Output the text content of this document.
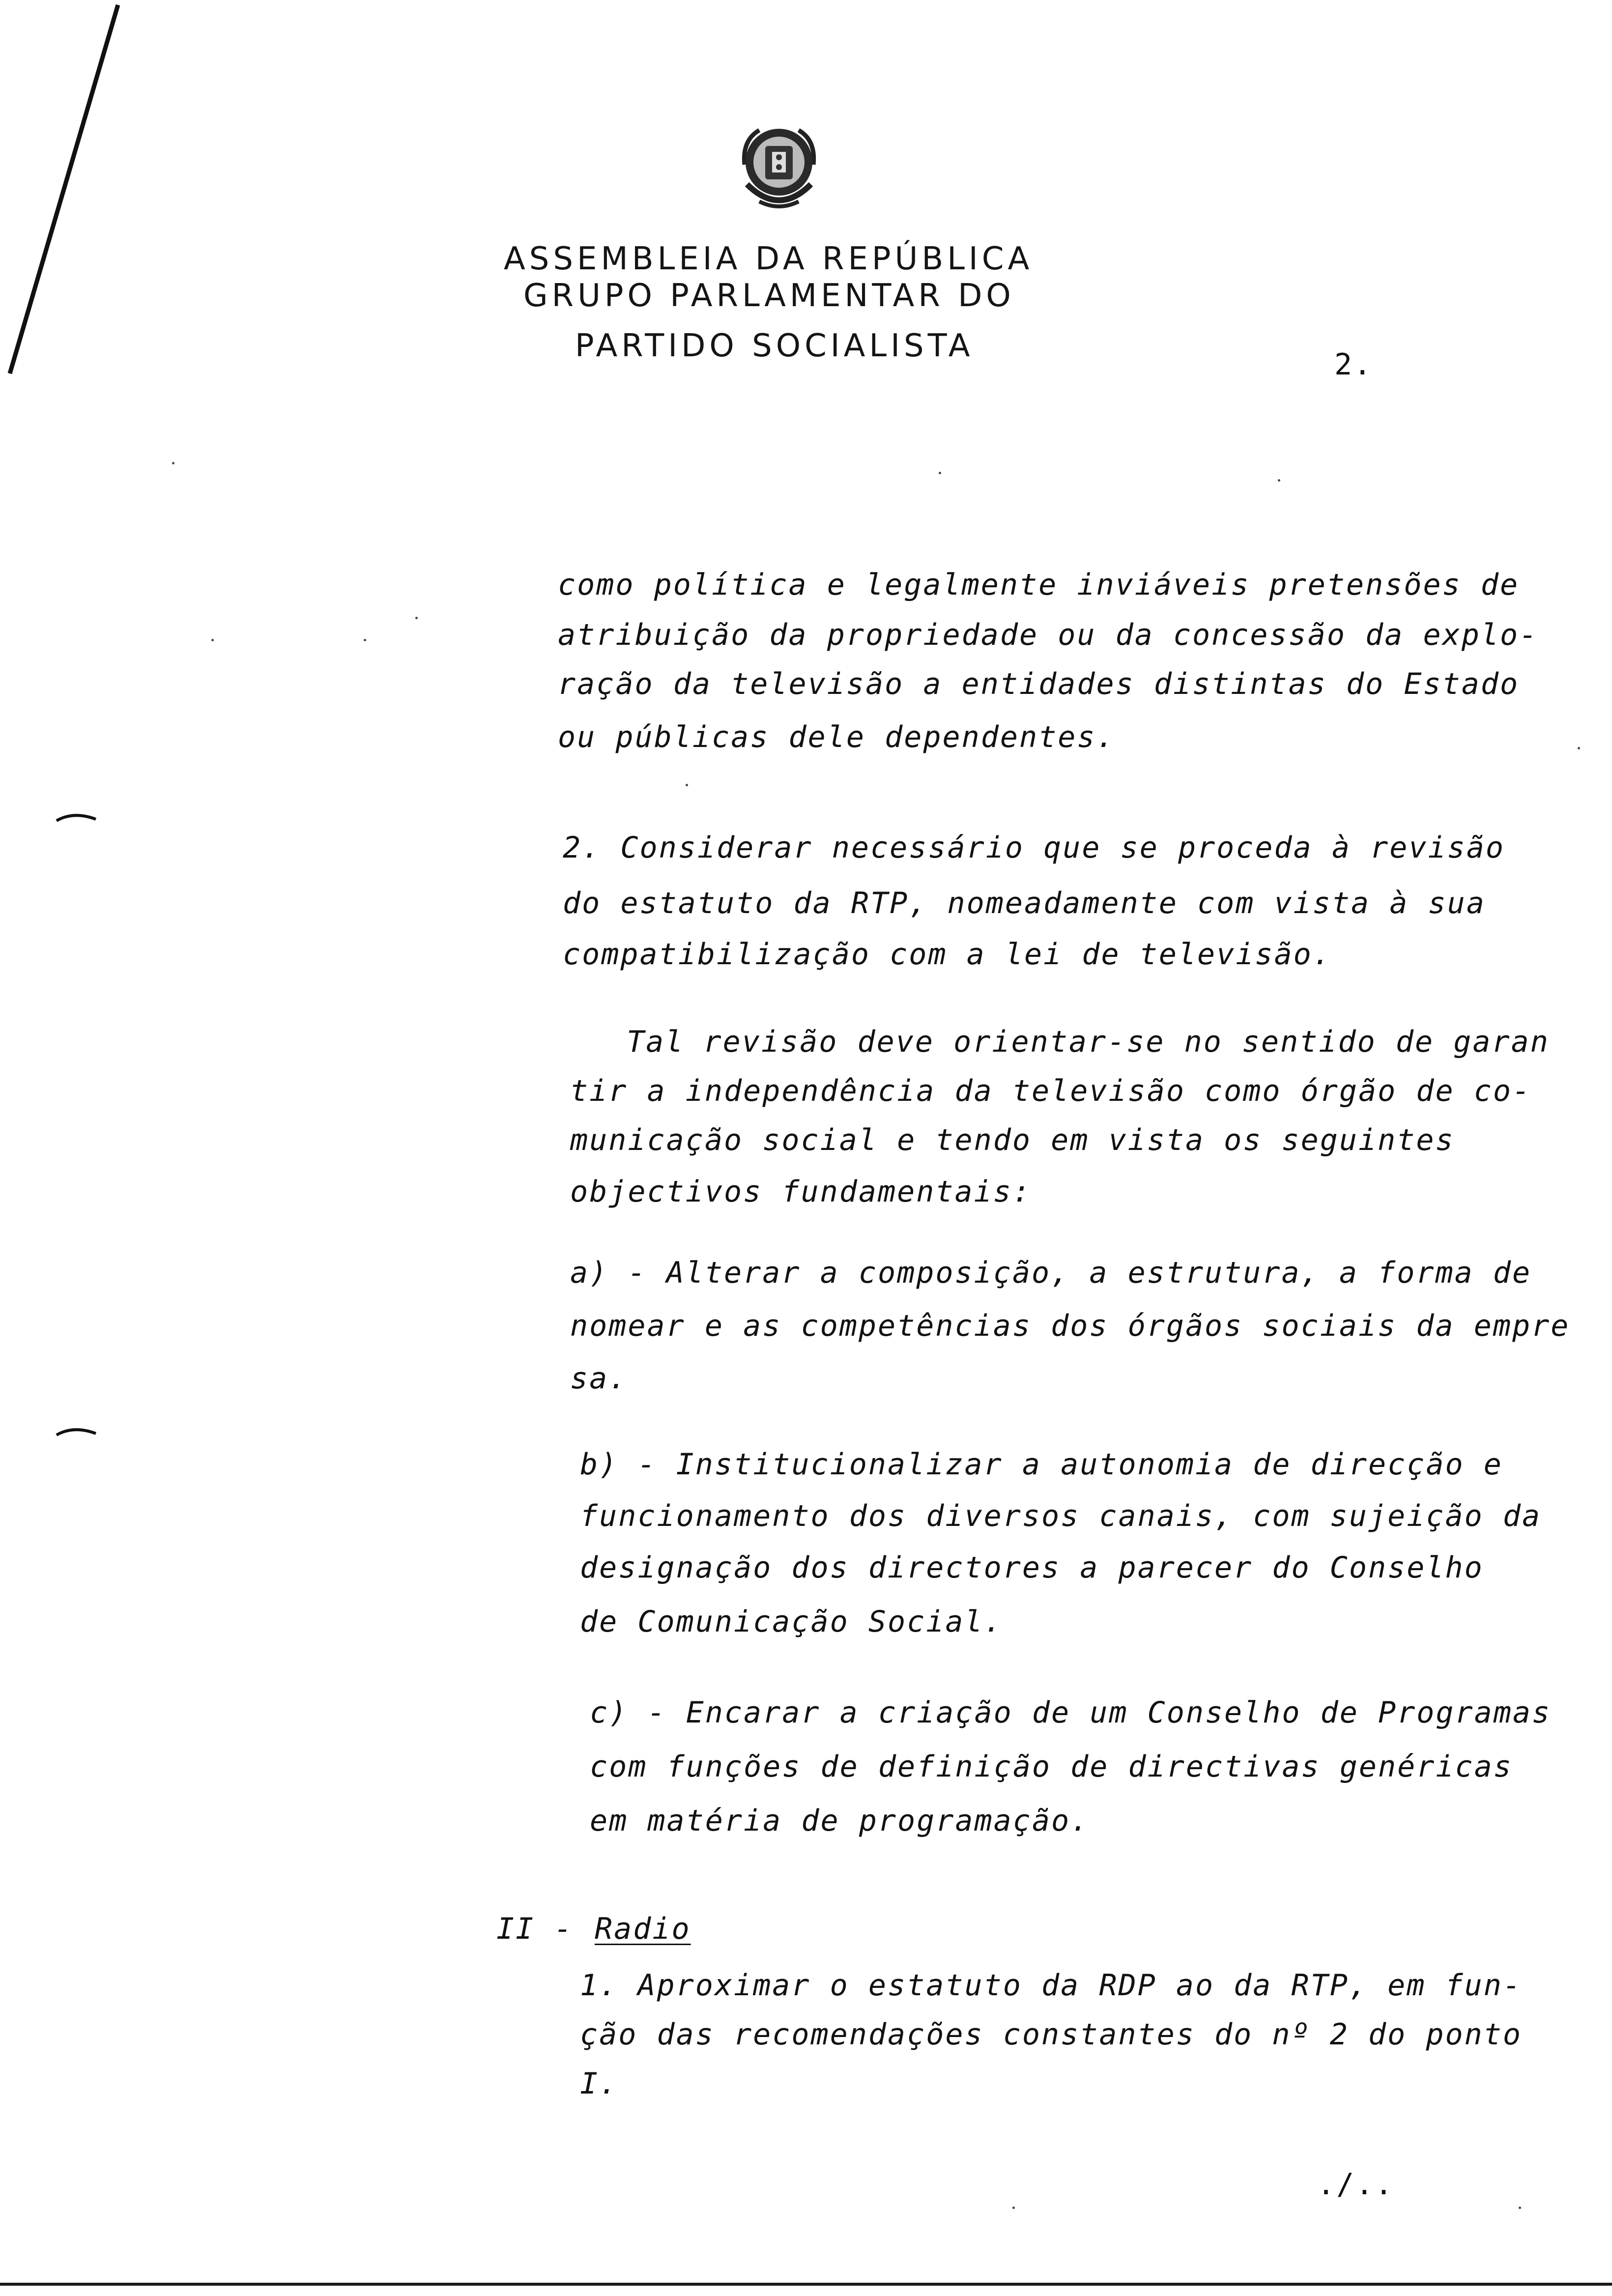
ASSEMBLEIA DA REPÚBLICA
GRUPO PARLAMENTAR DO
PARTIDO SOCIALISTA
2.
como política e legalmente inviáveis pretensões de
atribuição da propriedade ou da concessão da explo-
ração da televisão a entidades distintas do Estado
ou públicas dele dependentes.
2. Considerar necessário que se proceda à revisão
do estatuto da RTP, nomeadamente com vista à sua
compatibilização com a lei de televisão.
Tal revisão deve orientar-se no sentido de garan
tir a independência da televisão como órgão de co-
municação social e tendo em vista os seguintes
objectivos fundamentais:
a) - Alterar a composição, a estrutura, a forma de
nomear e as competências dos órgãos sociais da empre
sa.
b) - Institucionalizar a autonomia de direcção e
funcionamento dos diversos canais, com sujeição da
designação dos directores a parecer do Conselho
de Comunicação Social.
c) - Encarar a criação de um Conselho de Programas
com funções de definição de directivas genéricas
em matéria de programação.
II - Radio
1. Aproximar o estatuto da RDP ao da RTP, em fun-
ção das recomendações constantes do nº 2 do ponto
I.
./..
